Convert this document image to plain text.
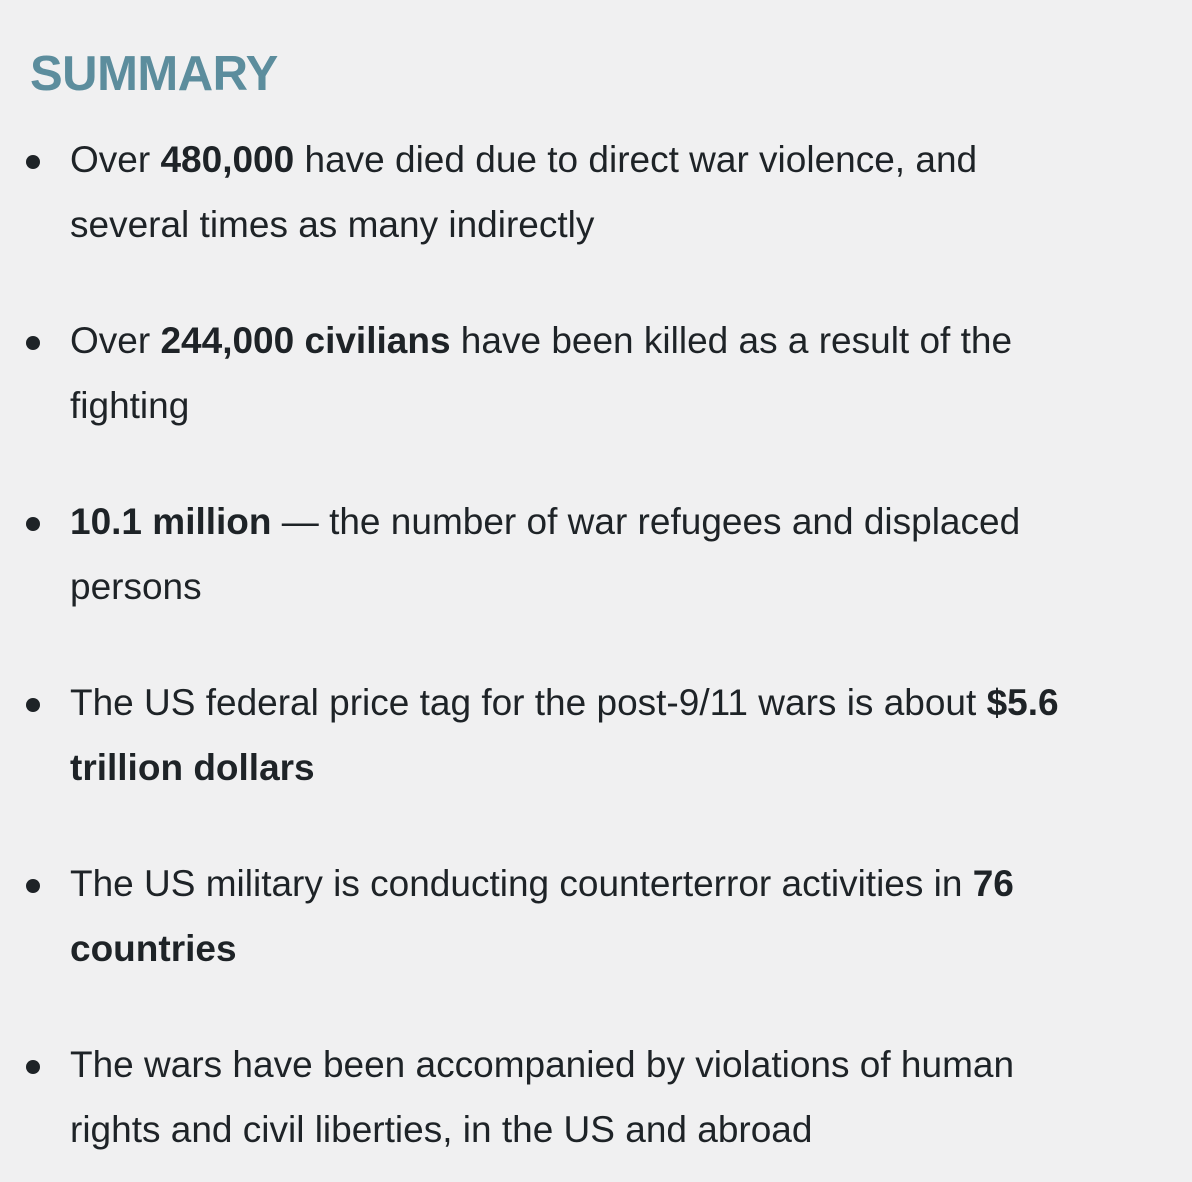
SUMMARY

Over 480,000 have died due to direct war violence, and
several times as many indirectly

Over 244,000 civilians have been killed as a result of the
fighting

10.1 million — the number of war refugees and displaced
persons

The US federal price tag for the post-9/11 wars is about $5.6
trillion dollars

The US military is conducting counterterror activities in 76
countries

The wars have been accompanied by violations of human
rights and civil liberties, in the US and abroad
